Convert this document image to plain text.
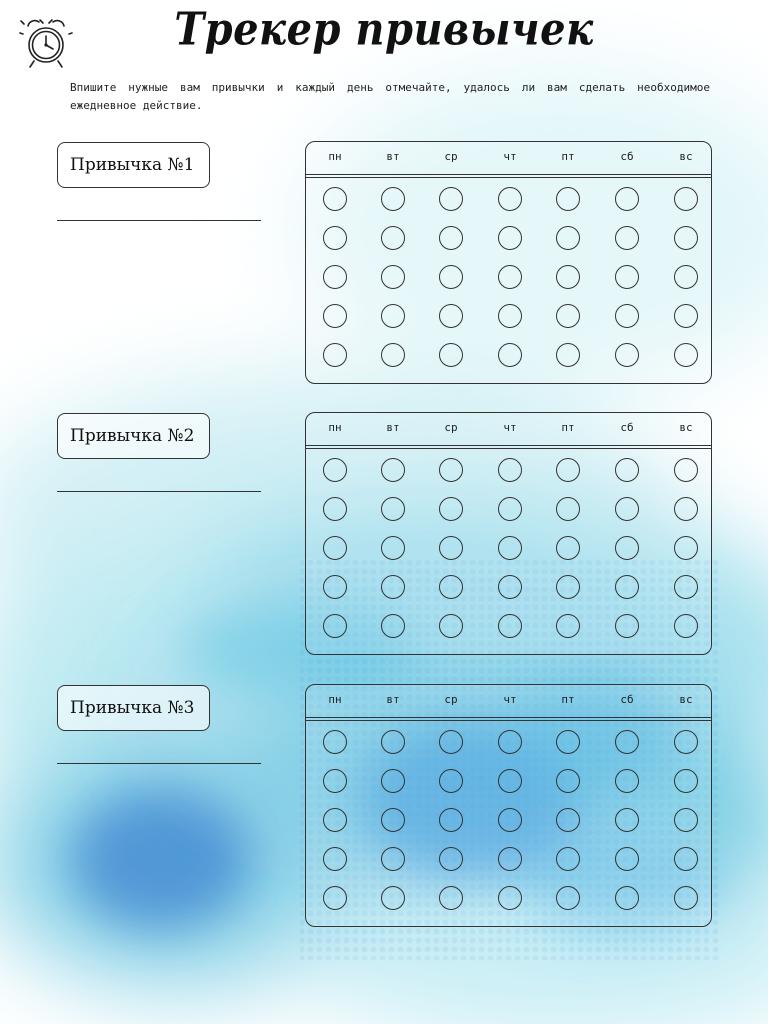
Трекер привычек

Впишите нужные вам привычки и каждый день отмечайте, удалось ли вам сделать необходимое ежедневное действие.

Привычка №1	пн	вт	ср	чт	пт	сб	вс
Привычка №2	пн	вт	ср	чт	пт	сб	вс
Привычка №3	пн	вт	ср	чт	пт	сб	вс
